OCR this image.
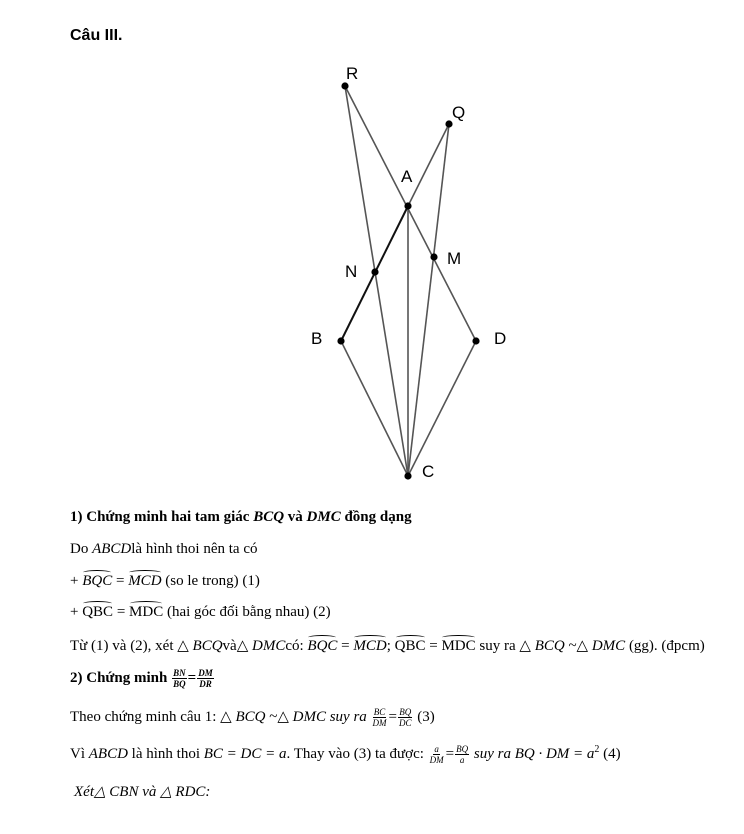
Câu III.
R
Q
A
N
M
B	D
C
1) Chứng minh hai tam giác BCQ và DMC đồng dạng
Do ABCDlà hình thoi nên ta có
+ BQC = MCD (so le trong) (1)
+ QBC = MDC (hai góc đối bằng nhau) (2)
Từ (1) và (2), xét △ BCQvà△ DMCcó: BQC = MCD; QBC = MDC suy ra △ BCQ ~△ DMC (gg). (đpcm)
2) Chứng minh $\frac{BN}{BQ} = \frac{DM}{DR}$
Theo chứng minh câu 1: △ BCQ ~△ DMC suy ra $\frac{BC}{DM} = \frac{BQ}{DC} (3)$
Vì ABCD là hình thoi BC = DC = a. Thay vào (3) ta được: $\frac{a}{DM} = \frac{BQ}{a}$ suy ra BQ · DM = $a^2$ (4)
Xét△ CBN và △ RDC:
